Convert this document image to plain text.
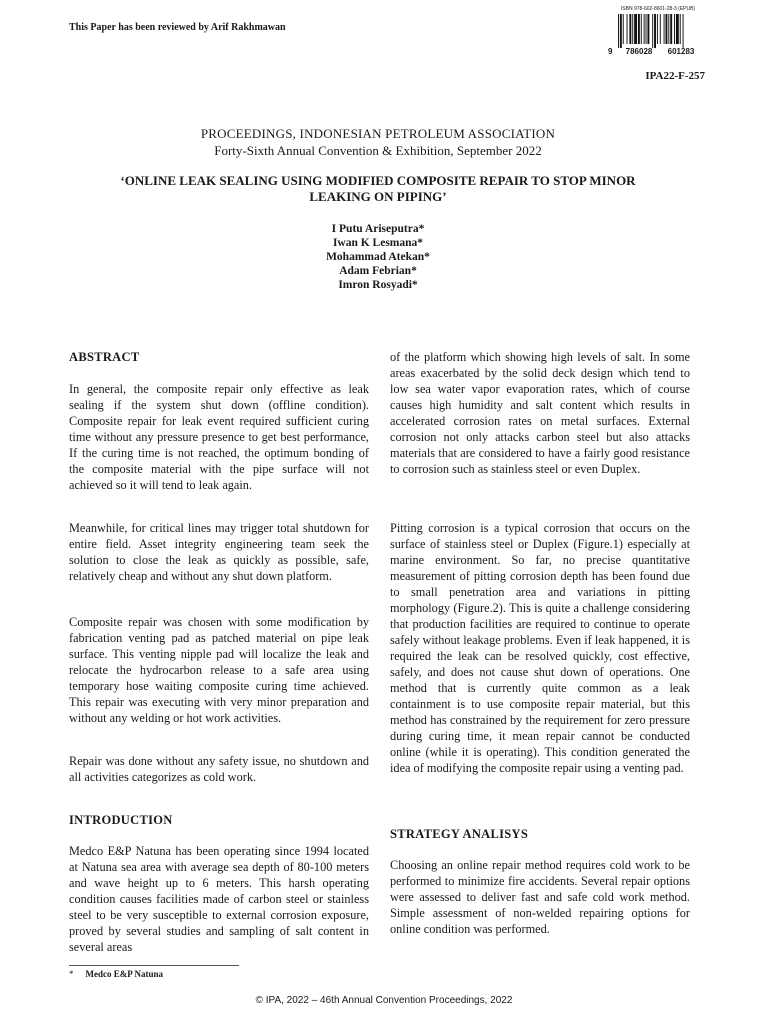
This Paper has been reviewed by Arif Rakhmawan
ISBN 978-602-8601-28-3 (EPUB)
9	786028	601283
IPA22-F-257
PROCEEDINGS, INDONESIAN PETROLEUM ASSOCIATION
Forty-Sixth Annual Convention & Exhibition, September 2022
‘ONLINE LEAK SEALING USING MODIFIED COMPOSITE REPAIR TO STOP MINOR
LEAKING ON PIPING’
I Putu Ariseputra*
Iwan K Lesmana*
Mohammad Atekan*
Adam Febrian*
Imron Rosyadi*
ABSTRACT

In general, the composite repair only effective as leak sealing if the system shut down (offline condition). Composite repair for leak event required sufficient curing time without any pressure presence to get best performance, If the curing time is not reached, the optimum bonding of the composite material with the pipe surface will not achieved so it will tend to leak again.

Meanwhile, for critical lines may trigger total shutdown for entire field. Asset integrity engineering team seek the solution to close the leak as quickly as possible, safe, relatively cheap and without any shut down platform.

Composite repair was chosen with some modification by fabrication venting pad as patched material on pipe leak surface. This venting nipple pad will localize the leak and relocate the hydrocarbon release to a safe area using temporary hose waiting composite curing time achieved. This repair was executing with very minor preparation and without any welding or hot work activities.

Repair was done without any safety issue, no shutdown and all activities categorizes as cold work.

INTRODUCTION

Medco E&P Natuna has been operating since 1994 located at Natuna sea area with average sea depth of 80-100 meters and wave height up to 6 meters. This harsh operating condition causes facilities made of carbon steel or stainless steel to be very susceptible to external corrosion exposure, proved by several studies and sampling of salt content in several areas

of the platform which showing high levels of salt. In some areas exacerbated by the solid deck design which tend to low sea water vapor evaporation rates, which of course causes high humidity and salt content which results in accelerated corrosion rates on metal surfaces. External corrosion not only attacks carbon steel but also attacks materials that are considered to have a fairly good resistance to corrosion such as stainless steel or even Duplex.

Pitting corrosion is a typical corrosion that occurs on the surface of stainless steel or Duplex (Figure.1) especially at marine environment. So far, no precise quantitative measurement of pitting corrosion depth has been found due to small penetration area and variations in pitting morphology (Figure.2). This is quite a challenge considering that production facilities are required to continue to operate safely without leakage problems. Even if leak happened, it is required the leak can be resolved quickly, cost effective, safely, and does not cause shut down of operations. One method that is currently quite common as a leak containment is to use composite repair material, but this method has constrained by the requirement for zero pressure during curing time, it mean repair cannot be conducted online (while it is operating). This condition generated the idea of modifying the composite repair using a venting pad.

STRATEGY ANALISYS

Choosing an online repair method requires cold work to be performed to minimize fire accidents. Several repair options were assessed to deliver fast and safe cold work method. Simple assessment of non-welded repairing options for online condition was performed.

* Medco E&P Natuna
© IPA, 2022 – 46th Annual Convention Proceedings, 2022
